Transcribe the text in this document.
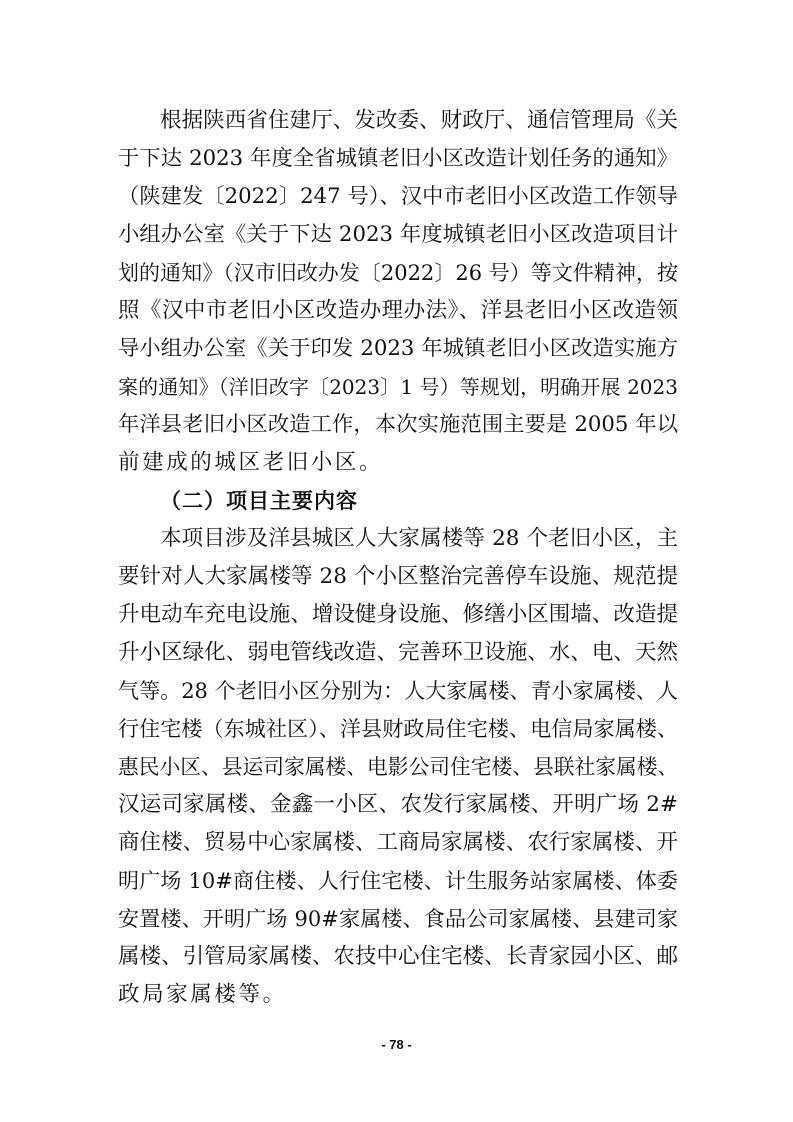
根据陕西省住建厅、发改委、财政厅、通信管理局《关
于下达 2023 年度全省城镇老旧小区改造计划任务的通知》
（陕建发〔2022〕247 号）、汉中市老旧小区改造工作领导
小组办公室《关于下达 2023 年度城镇老旧小区改造项目计
划的通知》（汉市旧改办发〔2022〕26 号）等文件精神，按
照《汉中市老旧小区改造办理办法》、洋县老旧小区改造领
导小组办公室《关于印发 2023 年城镇老旧小区改造实施方
案的通知》（洋旧改字〔2023〕1 号）等规划，明确开展 2023
年洋县老旧小区改造工作，本次实施范围主要是 2005 年以
前建成的城区老旧小区。
（二）项目主要内容
本项目涉及洋县城区人大家属楼等 28 个老旧小区，主
要针对人大家属楼等 28 个小区整治完善停车设施、规范提
升电动车充电设施、增设健身设施、修缮小区围墙、改造提
升小区绿化、弱电管线改造、完善环卫设施、水、电、天然
气等。28 个老旧小区分别为：人大家属楼、青小家属楼、人
行住宅楼（东城社区）、洋县财政局住宅楼、电信局家属楼、
惠民小区、县运司家属楼、电影公司住宅楼、县联社家属楼、
汉运司家属楼、金鑫一小区、农发行家属楼、开明广场 2#
商住楼、贸易中心家属楼、工商局家属楼、农行家属楼、开
明广场 10#商住楼、人行住宅楼、计生服务站家属楼、体委
安置楼、开明广场 90#家属楼、食品公司家属楼、县建司家
属楼、引管局家属楼、农技中心住宅楼、长青家园小区、邮
政局家属楼等。
- 78 -
